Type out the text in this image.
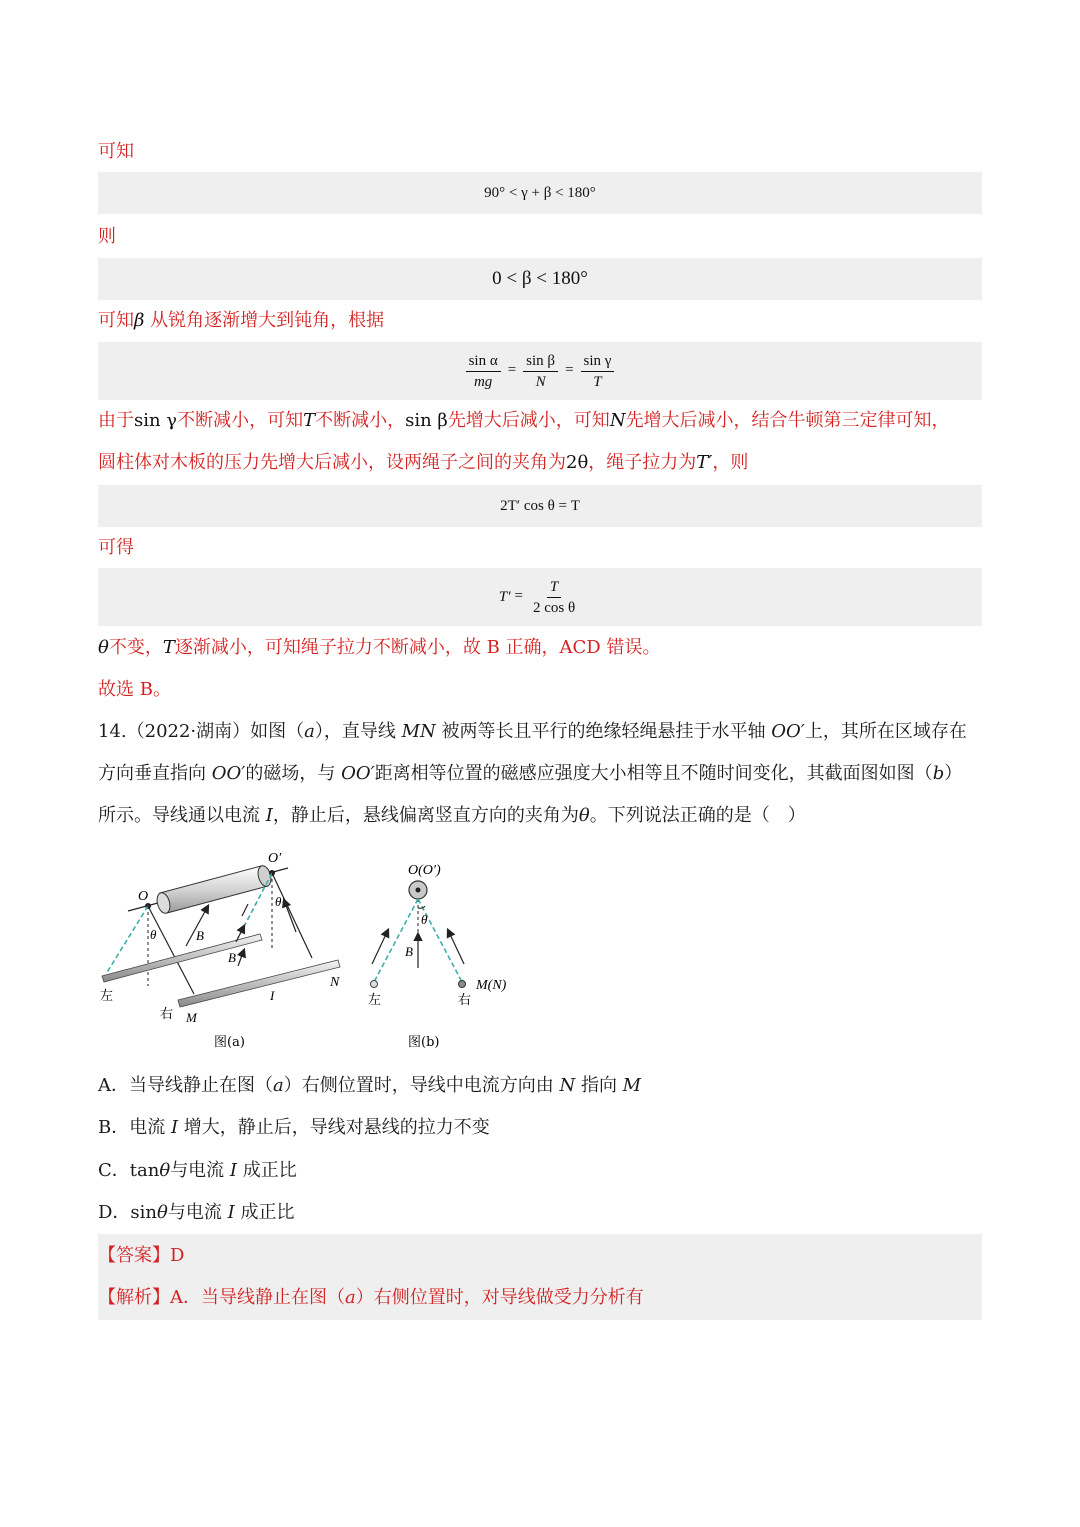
可知
90° < γ + β < 180°
则
0 < β < 180°
可知β 从锐角逐渐增大到钝角，根据
$\frac{\text{sin α}}{mg} = \frac{\text{sin β}}{N} = \frac{\text{sin γ}}{T}$
由于sin γ不断减小，可知T不断减小，sin β先增大后减小，可知N先增大后减小，结合牛顿第三定律可知，
圆柱体对木板的压力先增大后减小，设两绳子之间的夹角为2θ，绳子拉力为T′，则
2T′ cos θ = T
可得
$T' = \frac{T}{\text{2 cos θ}}$
θ不变，T逐渐减小，可知绳子拉力不断减小，故 B 正确，ACD 错误。
故选 B。
14.（2022·湖南）如图（a），直导线 MN 被两等长且平行的绝缘轻绳悬挂于水平轴 OO′上，其所在区域存在
方向垂直指向 OO′的磁场，与 OO′距离相等位置的磁感应强度大小相等且不随时间变化，其截面图如图（b）
所示。导线通以电流 I，静止后，悬线偏离竖直方向的夹角为θ。下列说法正确的是（　）
O
O′
θ
θ
B
B
N
I
M
左
右
图(a)
O(O′)
θ
B
左	右
M(N)
图(b)
A．当导线静止在图（a）右侧位置时，导线中电流方向由 N 指向 M
B．电流 I 增大，静止后，导线对悬线的拉力不变
C．tanθ与电流 I 成正比
D．sinθ与电流 I 成正比
【答案】D
【解析】A．当导线静止在图（a）右侧位置时，对导线做受力分析有
